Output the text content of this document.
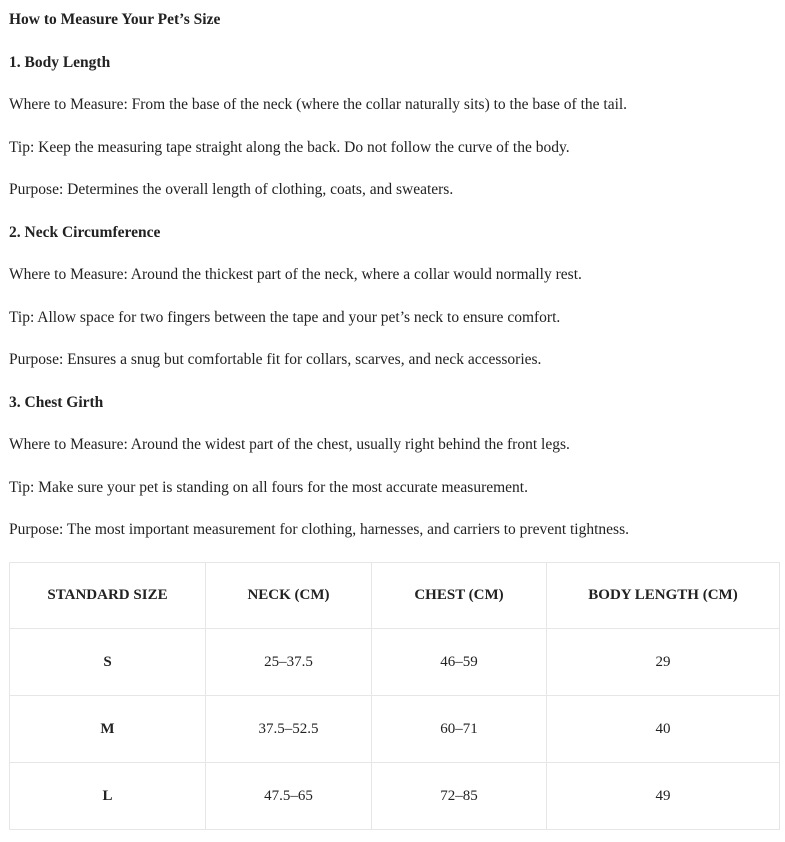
How to Measure Your Pet’s Size
1. Body Length
Where to Measure: From the base of the neck (where the collar naturally sits) to the base of the tail.
Tip: Keep the measuring tape straight along the back. Do not follow the curve of the body.
Purpose: Determines the overall length of clothing, coats, and sweaters.
2. Neck Circumference
Where to Measure: Around the thickest part of the neck, where a collar would normally rest.
Tip: Allow space for two fingers between the tape and your pet’s neck to ensure comfort.
Purpose: Ensures a snug but comfortable fit for collars, scarves, and neck accessories.
3. Chest Girth
Where to Measure: Around the widest part of the chest, usually right behind the front legs.
Tip: Make sure your pet is standing on all fours for the most accurate measurement.
Purpose: The most important measurement for clothing, harnesses, and carriers to prevent tightness.
STANDARD SIZE	NECK (CM)	CHEST (CM)	BODY LENGTH (CM)
S	25–37.5	46–59	29
M	37.5–52.5	60–71	40
L	47.5–65	72–85	49
